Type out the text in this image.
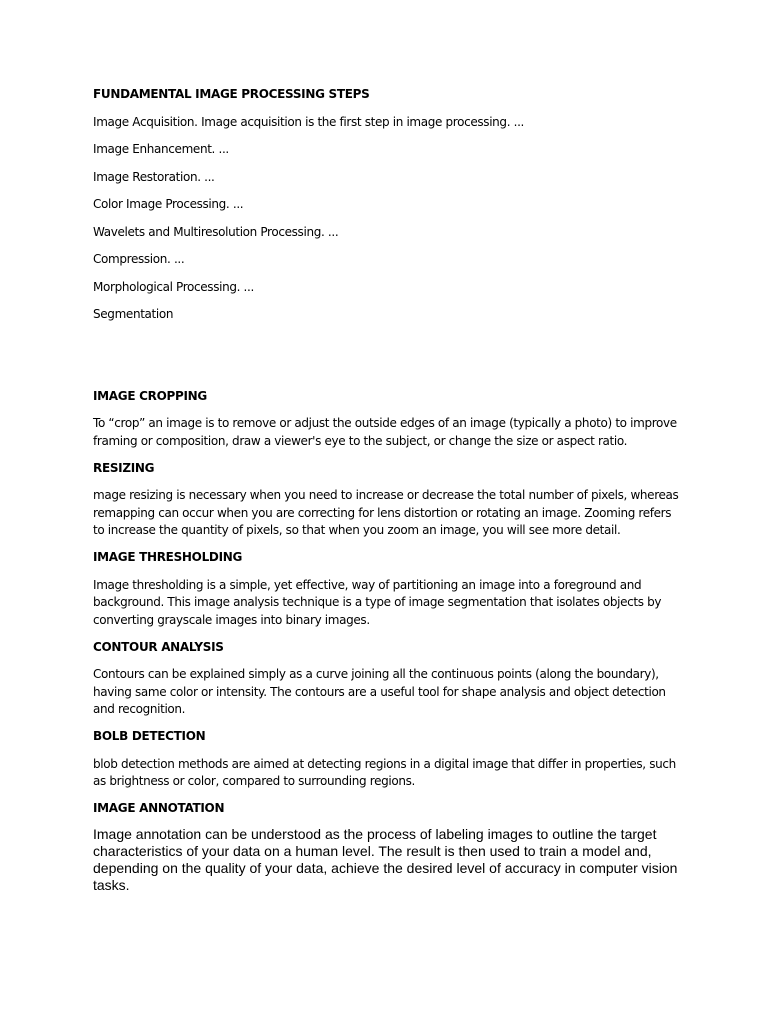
FUNDAMENTAL IMAGE PROCESSING STEPS

Image Acquisition. Image acquisition is the first step in image processing. ...

Image Enhancement. ...

Image Restoration. ...

Color Image Processing. ...

Wavelets and Multiresolution Processing. ...

Compression. ...

Morphological Processing. ...

Segmentation

IMAGE CROPPING

To “crop” an image is to remove or adjust the outside edges of an image (typically a photo) to improve framing or composition, draw a viewer's eye to the subject, or change the size or aspect ratio.

RESIZING

mage resizing is necessary when you need to increase or decrease the total number of pixels, whereas remapping can occur when you are correcting for lens distortion or rotating an image. Zooming refers to increase the quantity of pixels, so that when you zoom an image, you will see more detail.

IMAGE THRESHOLDING

Image thresholding is a simple, yet effective, way of partitioning an image into a foreground and background. This image analysis technique is a type of image segmentation that isolates objects by converting grayscale images into binary images.

CONTOUR ANALYSIS

Contours can be explained simply as a curve joining all the continuous points (along the boundary), having same color or intensity. The contours are a useful tool for shape analysis and object detection and recognition.

BOLB DETECTION

blob detection methods are aimed at detecting regions in a digital image that differ in properties, such as brightness or color, compared to surrounding regions.

IMAGE ANNOTATION

Image annotation can be understood as the process of labeling images to outline the target characteristics of your data on a human level. The result is then used to train a model and, depending on the quality of your data, achieve the desired level of accuracy in computer vision tasks.
